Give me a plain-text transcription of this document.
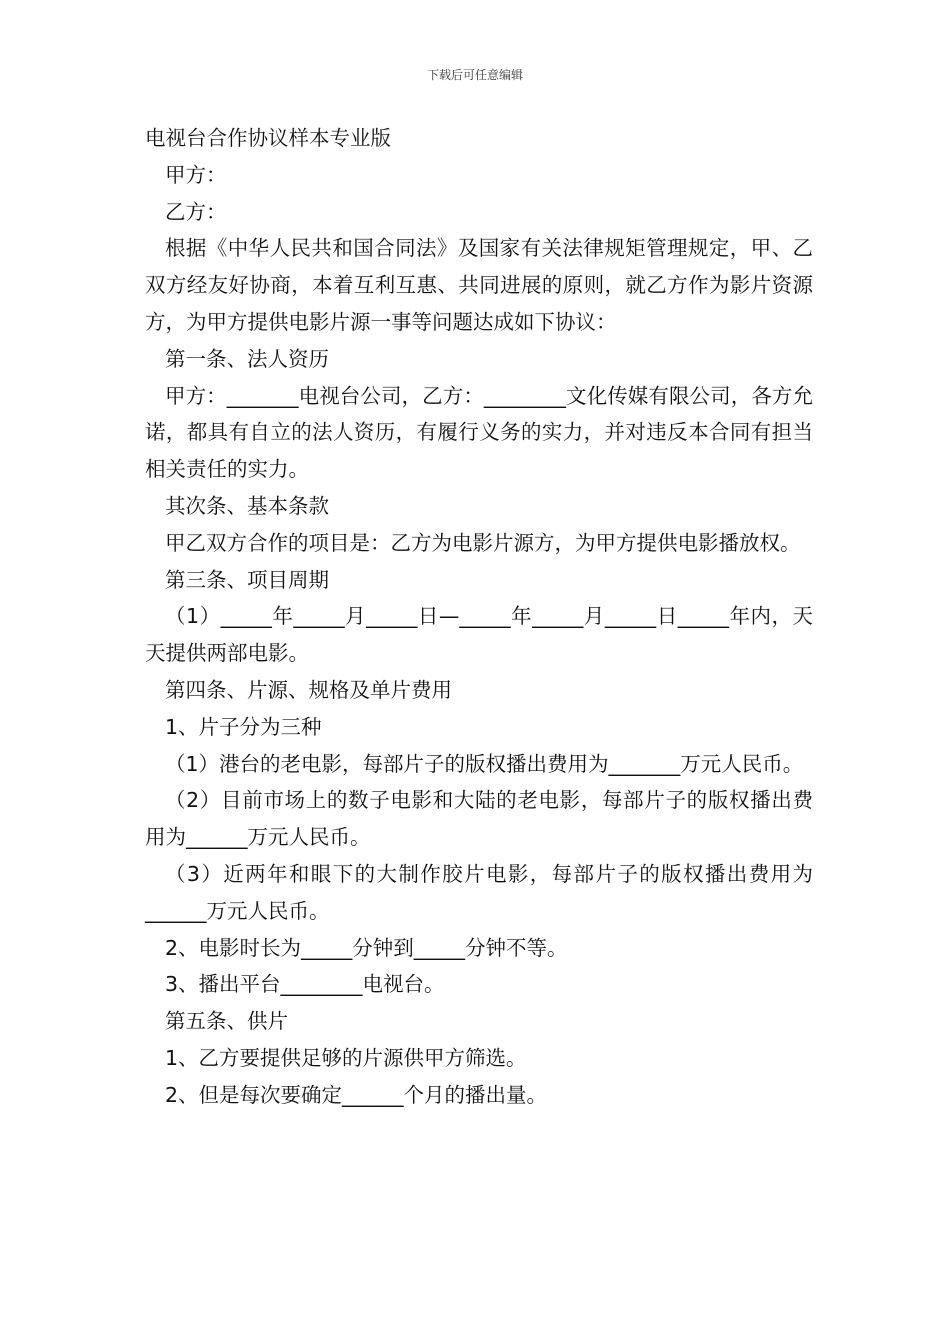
下载后可任意编辑

电视台合作协议样本专业版

甲方：

乙方：

根据《中华人民共和国合同法》及国家有关法律规矩管理规定，甲、乙双方经友好协商，本着互利互惠、共同进展的原则，就乙方作为影片资源方，为甲方提供电影片源一事等问题达成如下协议：

第一条、法人资历

甲方：_______电视台公司，乙方：________文化传媒有限公司，各方允诺，都具有自立的法人资历，有履行义务的实力，并对违反本合同有担当相关责任的实力。

其次条、基本条款

甲乙双方合作的项目是：乙方为电影片源方，为甲方提供电影播放权。

第三条、项目周期

（1）_____年_____月_____日—_____年_____月_____日_____年内，天天提供两部电影。

第四条、片源、规格及单片费用

1、片子分为三种

（1）港台的老电影，每部片子的版权播出费用为_______万元人民币。

（2）目前市场上的数子电影和大陆的老电影，每部片子的版权播出费用为______万元人民币。

（3）近两年和眼下的大制作胶片电影，每部片子的版权播出费用为______万元人民币。

2、电影时长为_____分钟到_____分钟不等。

3、播出平台________电视台。

第五条、供片

1、乙方要提供足够的片源供甲方筛选。

2、但是每次要确定______个月的播出量。
